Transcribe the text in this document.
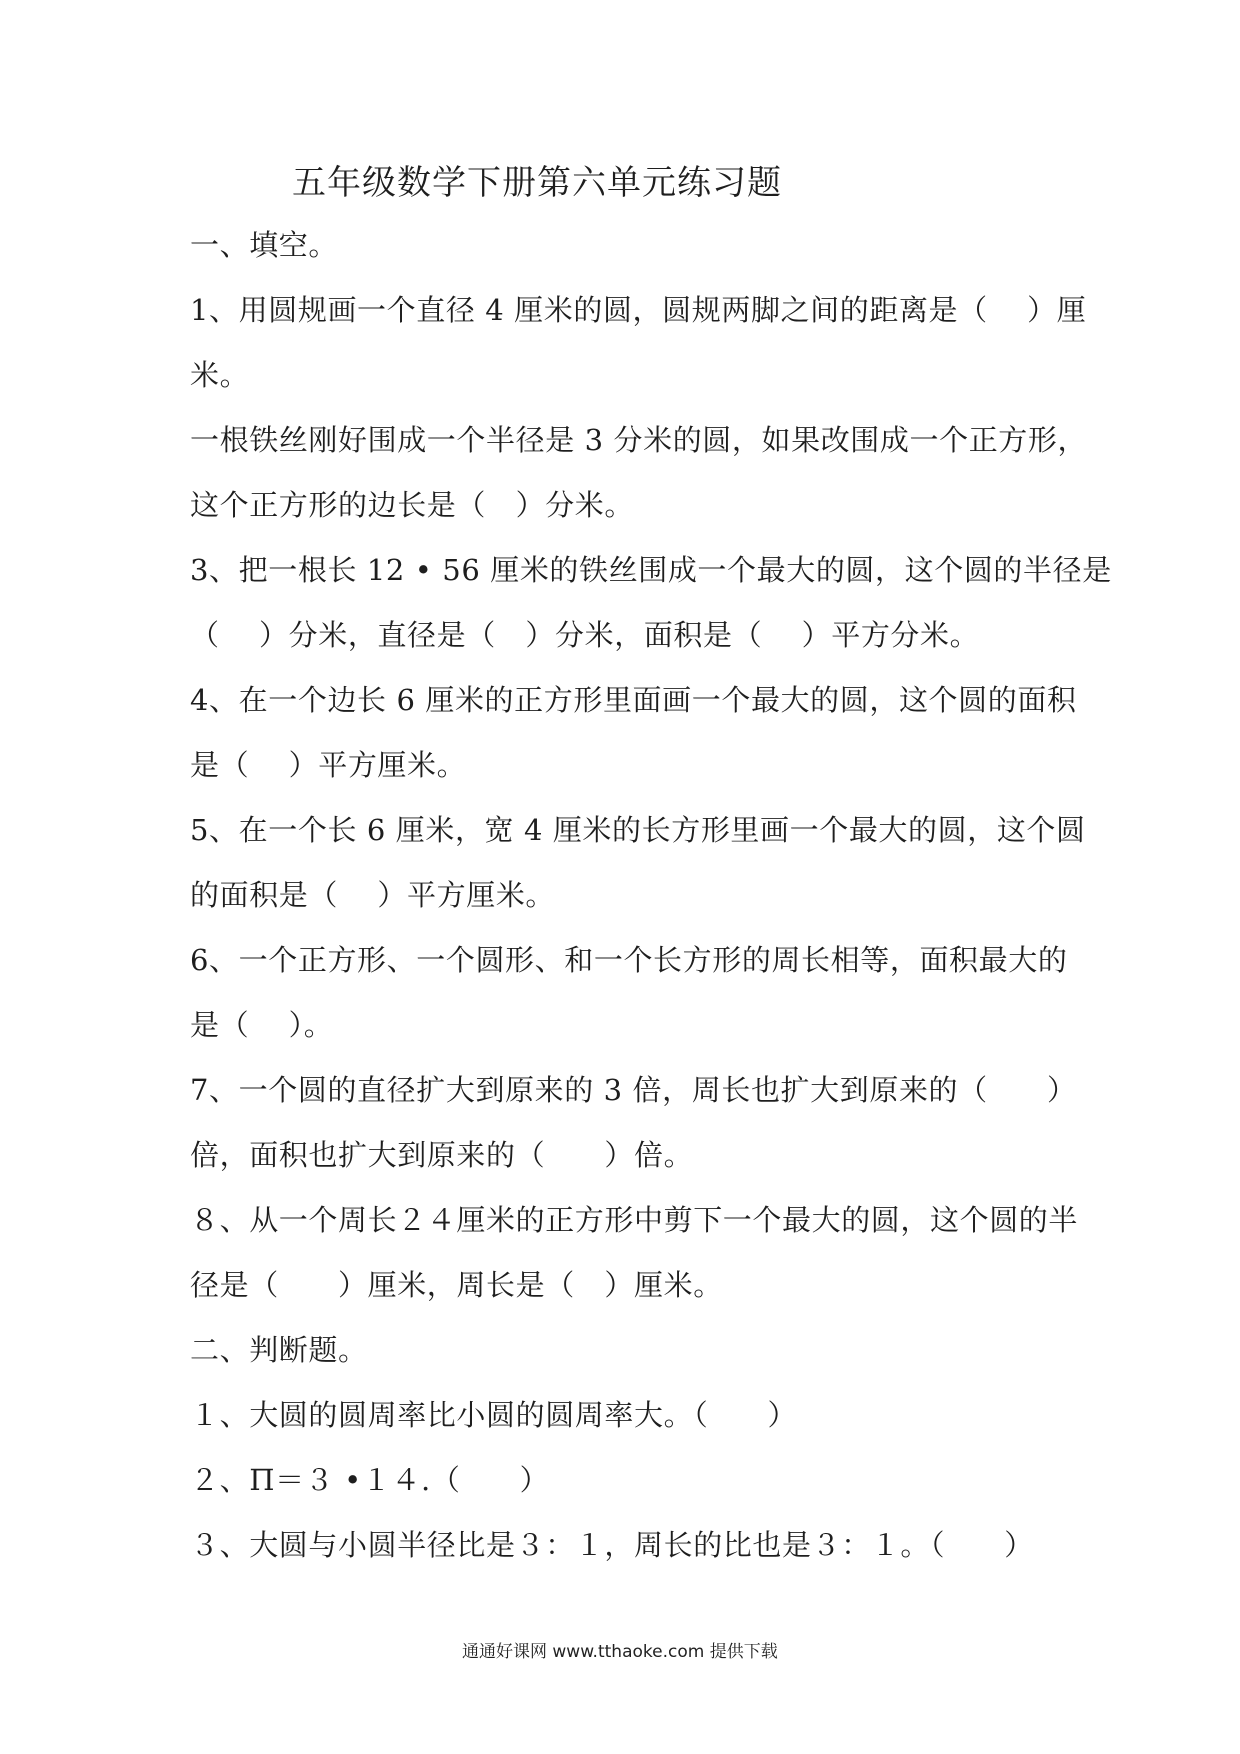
五年级数学下册第六单元练习题
一、填空。
1、用圆规画一个直径 4 厘米的圆，圆规两脚之间的距离是（　 ）厘
米。
一根铁丝刚好围成一个半径是 3 分米的圆，如果改围成一个正方形，
这个正方形的边长是（　）分米。
3、把一根长 12 • 56 厘米的铁丝围成一个最大的圆，这个圆的半径是
（　 ）分米，直径是（　）分米，面积是（　 ）平方分米。
4、在一个边长 6 厘米的正方形里面画一个最大的圆，这个圆的面积
是（　 ）平方厘米。
5、在一个长 6 厘米，宽 4 厘米的长方形里画一个最大的圆，这个圆
的面积是（　 ）平方厘米。
6、一个正方形、一个圆形、和一个长方形的周长相等，面积最大的
是（　 ）。
7、一个圆的直径扩大到原来的 3 倍，周长也扩大到原来的（　　）
倍，面积也扩大到原来的（　　）倍。
８、从一个周长２４厘米的正方形中剪下一个最大的圆，这个圆的半
径是（　　）厘米，周长是（　）厘米。
二、判断题。
１、大圆的圆周率比小圆的圆周率大。（　　）
２、Π＝３ •１４.（　　）
３、大圆与小圆半径比是３：１，周长的比也是３：１。（　　）
通通好课网 www.tthaoke.com 提供下载
